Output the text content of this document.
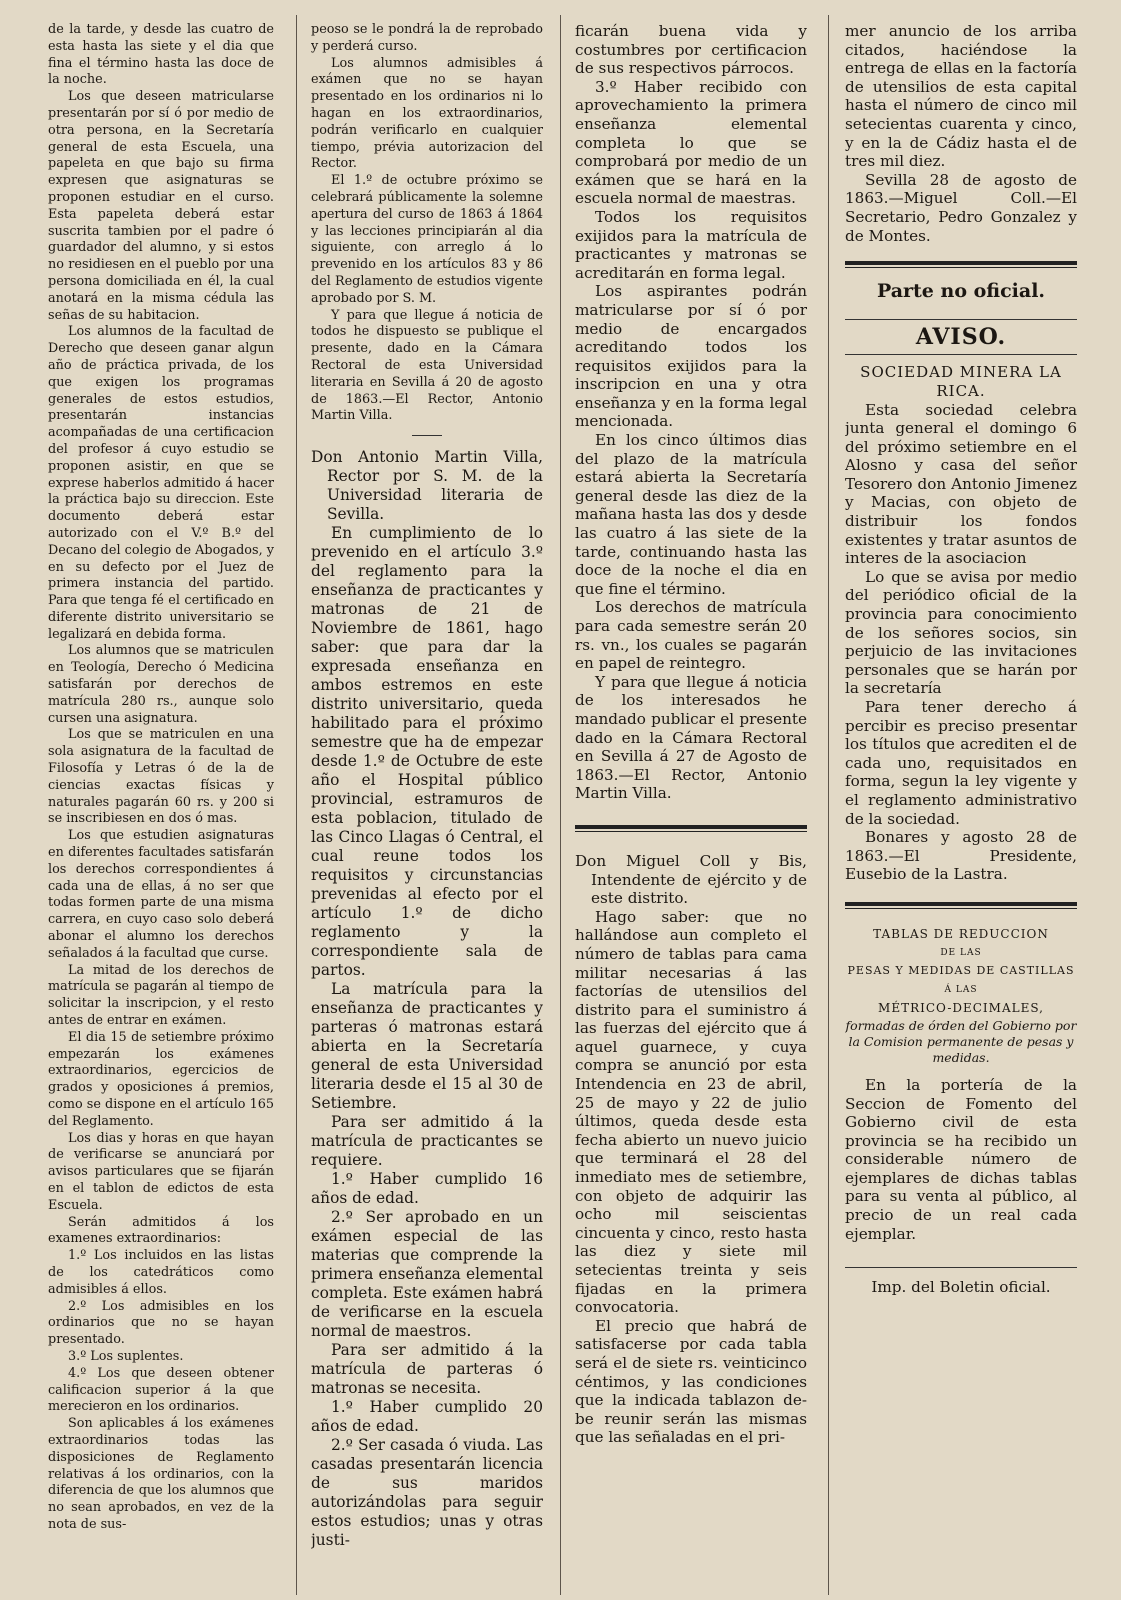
de la tarde, y desde las cuatro de esta hasta las siete y el dia que fina el término hasta las doce de la noche.

Los que deseen matricularse presentarán por sí ó por medio de otra persona, en la Secretaría general de esta Escuela, una papeleta en que bajo su firma expresen que asignaturas se proponen estudiar en el curso. Esta papeleta deberá estar suscrita tambien por el padre ó guardador del alumno, y si estos no residiesen en el pueblo por una persona domiciliada en él, la cual anotará en la misma cédula las señas de su habitacion.

Los alumnos de la facultad de Derecho que deseen ganar algun año de práctica privada, de los que exigen los programas generales de estos estudios, presentarán instancias acompañadas de una certificacion del profesor á cuyo estudio se proponen asistir, en que se exprese haberlos admitido á hacer la práctica bajo su direccion. Este documento deberá estar autorizado con el V.º B.º del Decano del colegio de Abogados, y en su defecto por el Juez de primera instancia del partido. Para que tenga fé el certificado en diferente distrito universitario se legalizará en debida forma.

Los alumnos que se matriculen en Teología, Derecho ó Medicina satisfarán por derechos de matrícula 280 rs., aunque solo cursen una asignatura.

Los que se matriculen en una sola asignatura de la facultad de Filosofía y Letras ó de la de ciencias exactas físicas y naturales pagarán 60 rs. y 200 si se inscribiesen en dos ó mas.

Los que estudien asignaturas en diferentes facultades satisfarán los derechos correspondientes á cada una de ellas, á no ser que todas formen parte de una misma carrera, en cuyo caso solo deberá abonar el alumno los derechos señalados á la facultad que curse.

La mitad de los derechos de matrícula se pagarán al tiempo de solicitar la inscripcion, y el resto antes de entrar en exámen.

El dia 15 de setiembre próximo empezarán los exámenes extraordinarios, egercicios de grados y oposiciones á premios, como se dispone en el artículo 165 del Reglamento.

Los dias y horas en que hayan de verificarse se anunciará por avisos particulares que se fijarán en el tablon de edictos de esta Escuela.

Serán admitidos á los examenes extraordinarios:

1.º Los incluidos en las listas de los catedráticos como admisibles á ellos.

2.º Los admisibles en los ordinarios que no se hayan presentado.

3.º Los suplentes.

4.º Los que deseen obtener calificacion superior á la que merecieron en los ordinarios.

Son aplicables á los exámenes extraordinarios todas las disposiciones de Reglamento relativas á los ordinarios, con la diferencia de que los alumnos que no sean aprobados, en vez de la nota de sus-

peoso se le pondrá la de reprobado y perderá curso.

Los alumnos admisibles á exámen que no se hayan presentado en los ordinarios ni lo hagan en los extraordinarios, podrán verificarlo en cualquier tiempo, prévia autorizacion del Rector.

El 1.º de octubre próximo se celebrará públicamente la solemne apertura del curso de 1863 á 1864 y las lecciones principiarán al dia siguiente, con arreglo á lo prevenido en los artículos 83 y 86 del Reglamento de estudios vigente aprobado por S. M.

Y para que llegue á noticia de todos he dispuesto se publique el presente, dado en la Cámara Rectoral de esta Universidad literaria en Sevilla á 20 de agosto de 1863.—El Rector, Antonio Martin Villa.

Don Antonio Martin Villa, Rector por S. M. de la Universidad literaria de Sevilla.

En cumplimiento de lo prevenido en el artículo 3.º del reglamento para la enseñanza de practicantes y matronas de 21 de Noviembre de 1861, hago saber: que para dar la expresada enseñanza en ambos estremos en este distrito universitario, queda habilitado para el próximo semestre que ha de empezar desde 1.º de Octubre de este año el Hospital público provincial, estramuros de esta poblacion, titulado de las Cinco Llagas ó Central, el cual reune todos los requisitos y circunstancias prevenidas al efecto por el artículo 1.º de dicho reglamento y la correspondiente sala de partos.

La matrícula para la enseñanza de practicantes y parteras ó matronas estará abierta en la Secretaría general de esta Universidad literaria desde el 15 al 30 de Setiembre.

Para ser admitido á la matrícula de practicantes se requiere.

1.º Haber cumplido 16 años de edad.

2.º Ser aprobado en un exámen especial de las materias que comprende la primera enseñanza elemental completa. Este exámen habrá de verificarse en la escuela normal de maestros.

Para ser admitido á la matrícula de parteras ó matronas se necesita.

1.º Haber cumplido 20 años de edad.

2.º Ser casada ó viuda. Las casadas presentarán licencia de sus maridos autorizándolas para seguir estos estudios; unas y otras justi-

ficarán buena vida y costumbres por certificacion de sus respectivos párrocos.

3.º Haber recibido con aprovechamiento la primera enseñanza elemental completa lo que se comprobará por medio de un exámen que se hará en la escuela normal de maestras.

Todos los requisitos exijidos para la matrícula de practicantes y matronas se acreditarán en forma legal.

Los aspirantes podrán matricularse por sí ó por medio de encargados acreditando todos los requisitos exijidos para la inscripcion en una y otra enseñanza y en la forma legal mencionada.

En los cinco últimos dias del plazo de la matrícula estará abierta la Secretaría general desde las diez de la mañana hasta las dos y desde las cuatro á las siete de la tarde, continuando hasta las doce de la noche el dia en que fine el término.

Los derechos de matrícula para cada semestre serán 20 rs. vn., los cuales se pagarán en papel de reintegro.

Y para que llegue á noticia de los interesados he mandado publicar el presente dado en la Cámara Rectoral en Sevilla á 27 de Agosto de 1863.—El Rector, Antonio Martin Villa.

Don Miguel Coll y Bis, Intendente de ejército y de este distrito.

Hago saber: que no hallándose aun completo el número de tablas para cama militar necesarias á las factorías de utensilios del distrito para el suministro á las fuerzas del ejército que á aquel guarnece, y cuya compra se anunció por esta Intendencia en 23 de abril, 25 de mayo y 22 de julio últimos, queda desde esta fecha abierto un nuevo juicio que terminará el 28 del inmediato mes de setiembre, con objeto de adquirir las ocho mil seiscientas cincuenta y cinco, resto hasta las diez y siete mil setecientas treinta y seis fijadas en la primera convocatoria.

El precio que habrá de satisfacerse por cada tabla será el de siete rs. veinticinco céntimos, y las condiciones que la indicada tablazon de-be reunir serán las mismas que las señaladas en el pri-

mer anuncio de los arriba citados, haciéndose la entrega de ellas en la factoría de utensilios de esta capital hasta el número de cinco mil setecientas cuarenta y cinco, y en la de Cádiz hasta el de tres mil diez.

Sevilla 28 de agosto de 1863.—Miguel Coll.—El Secretario, Pedro Gonzalez y de Montes.

Parte no oficial.

AVISO.

SOCIEDAD MINERA LA RICA.

Esta sociedad celebra junta general el domingo 6 del próximo setiembre en el Alosno y casa del señor Tesorero don Antonio Jimenez y Macias, con objeto de distribuir los fondos existentes y tratar asuntos de interes de la asociacion

Lo que se avisa por medio del periódico oficial de la provincia para conocimiento de los señores socios, sin perjuicio de las invitaciones personales que se harán por la secretaría

Para tener derecho á percibir es preciso presentar los títulos que acrediten el de cada uno, requisitados en forma, segun la ley vigente y el reglamento administrativo de la sociedad.

Bonares y agosto 28 de 1863.—El Presidente, Eusebio de la Lastra.

TABLAS DE REDUCCION

DE LAS

PESAS Y MEDIDAS DE CASTILLAS

Á LAS

MÉTRICO-DECIMALES,

formadas de órden del Gobierno por la Comision permanente de pesas y medidas.

En la portería de la Seccion de Fomento del Gobierno civil de esta provincia se ha recibido un considerable número de ejemplares de dichas tablas para su venta al público, al precio de un real cada ejemplar.

Imp. del Boletin oficial.
